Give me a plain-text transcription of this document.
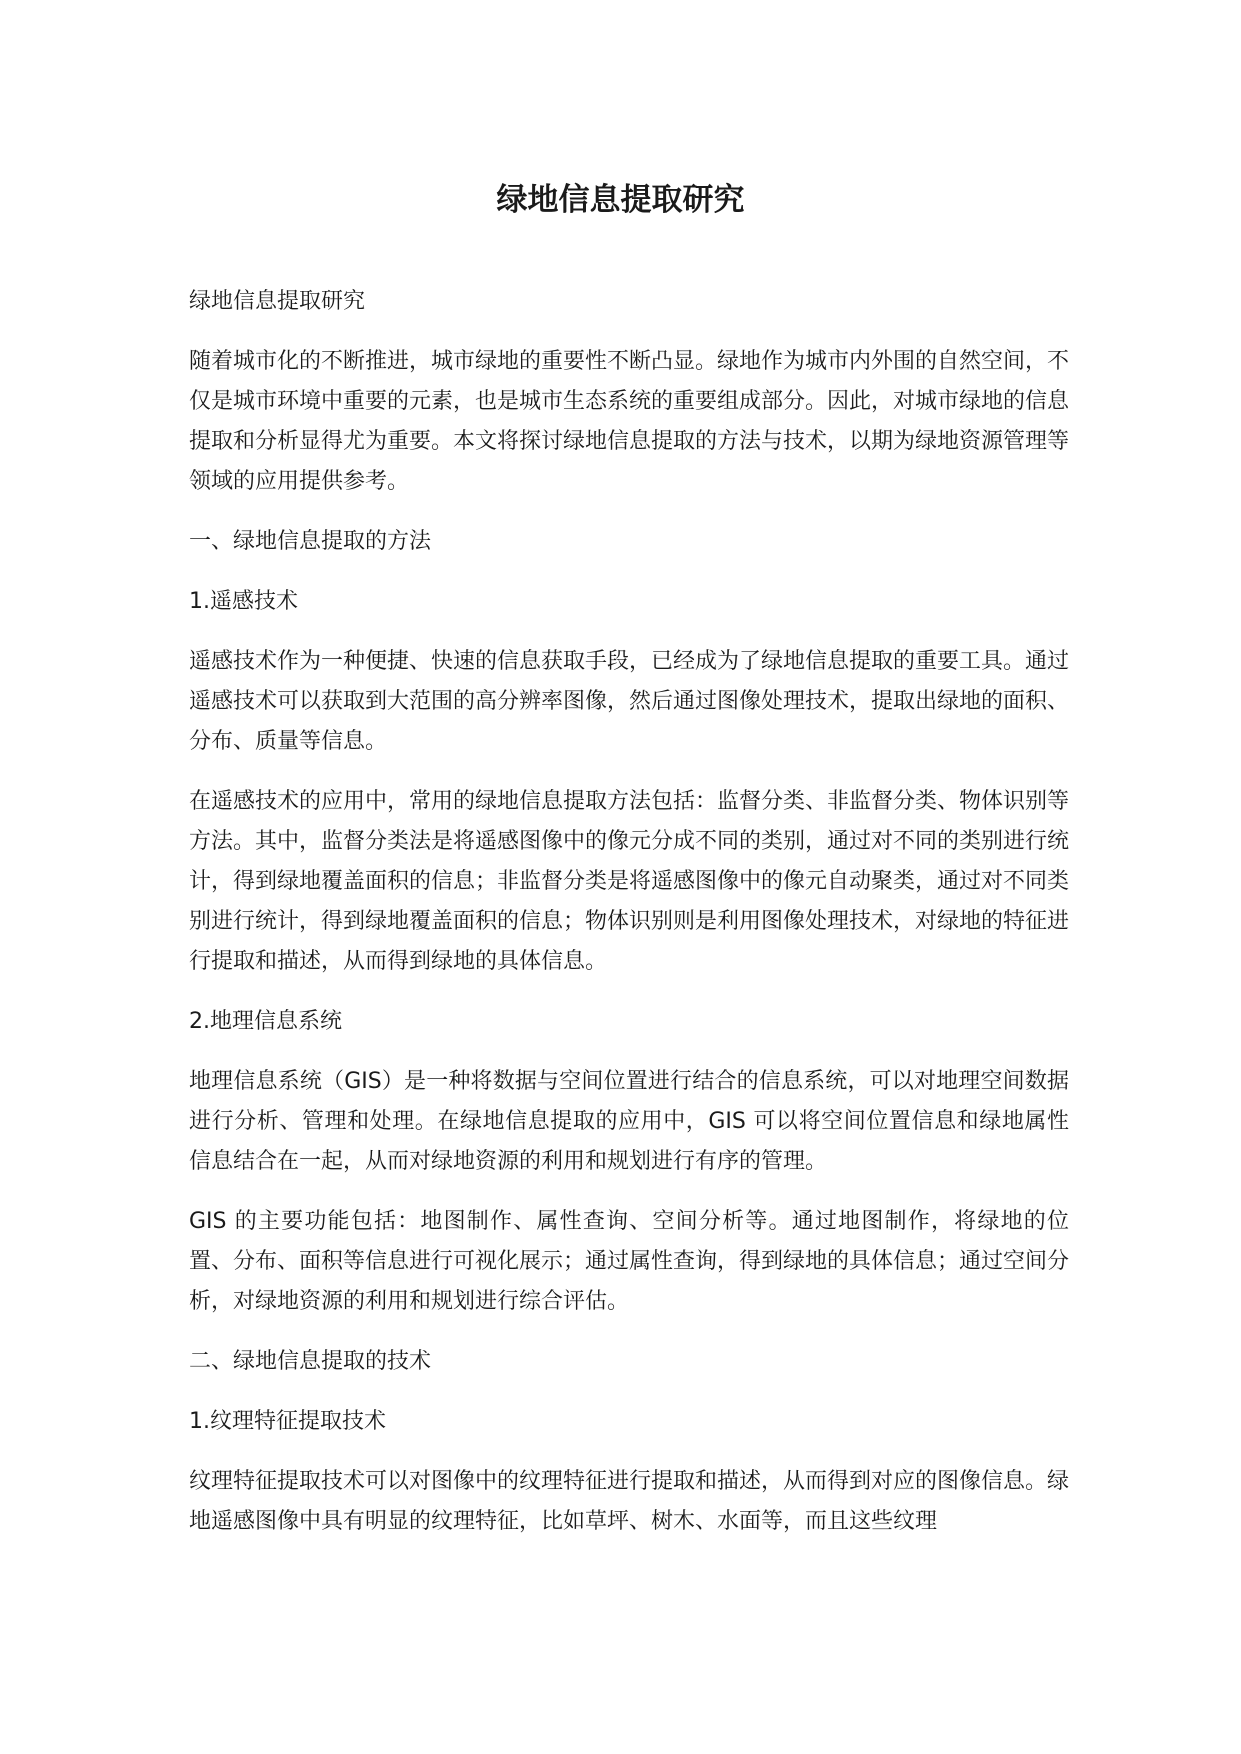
绿地信息提取研究

绿地信息提取研究

随着城市化的不断推进，城市绿地的重要性不断凸显。绿地作为城市内外围的自然空间，不仅是城市环境中重要的元素，也是城市生态系统的重要组成部分。因此，对城市绿地的信息提取和分析显得尤为重要。本文将探讨绿地信息提取的方法与技术，以期为绿地资源管理等领域的应用提供参考。

一、绿地信息提取的方法

1.遥感技术

遥感技术作为一种便捷、快速的信息获取手段，已经成为了绿地信息提取的重要工具。通过遥感技术可以获取到大范围的高分辨率图像，然后通过图像处理技术，提取出绿地的面积、分布、质量等信息。

在遥感技术的应用中，常用的绿地信息提取方法包括：监督分类、非监督分类、物体识别等方法。其中，监督分类法是将遥感图像中的像元分成不同的类别，通过对不同的类别进行统计，得到绿地覆盖面积的信息；非监督分类是将遥感图像中的像元自动聚类，通过对不同类别进行统计，得到绿地覆盖面积的信息；物体识别则是利用图像处理技术，对绿地的特征进行提取和描述，从而得到绿地的具体信息。

2.地理信息系统

地理信息系统（GIS）是一种将数据与空间位置进行结合的信息系统，可以对地理空间数据进行分析、管理和处理。在绿地信息提取的应用中，GIS 可以将空间位置信息和绿地属性信息结合在一起，从而对绿地资源的利用和规划进行有序的管理。

GIS 的主要功能包括：地图制作、属性查询、空间分析等。通过地图制作，将绿地的位置、分布、面积等信息进行可视化展示；通过属性查询，得到绿地的具体信息；通过空间分析，对绿地资源的利用和规划进行综合评估。

二、绿地信息提取的技术

1.纹理特征提取技术

纹理特征提取技术可以对图像中的纹理特征进行提取和描述，从而得到对应的图像信息。绿地遥感图像中具有明显的纹理特征，比如草坪、树木、水面等，而且这些纹理
